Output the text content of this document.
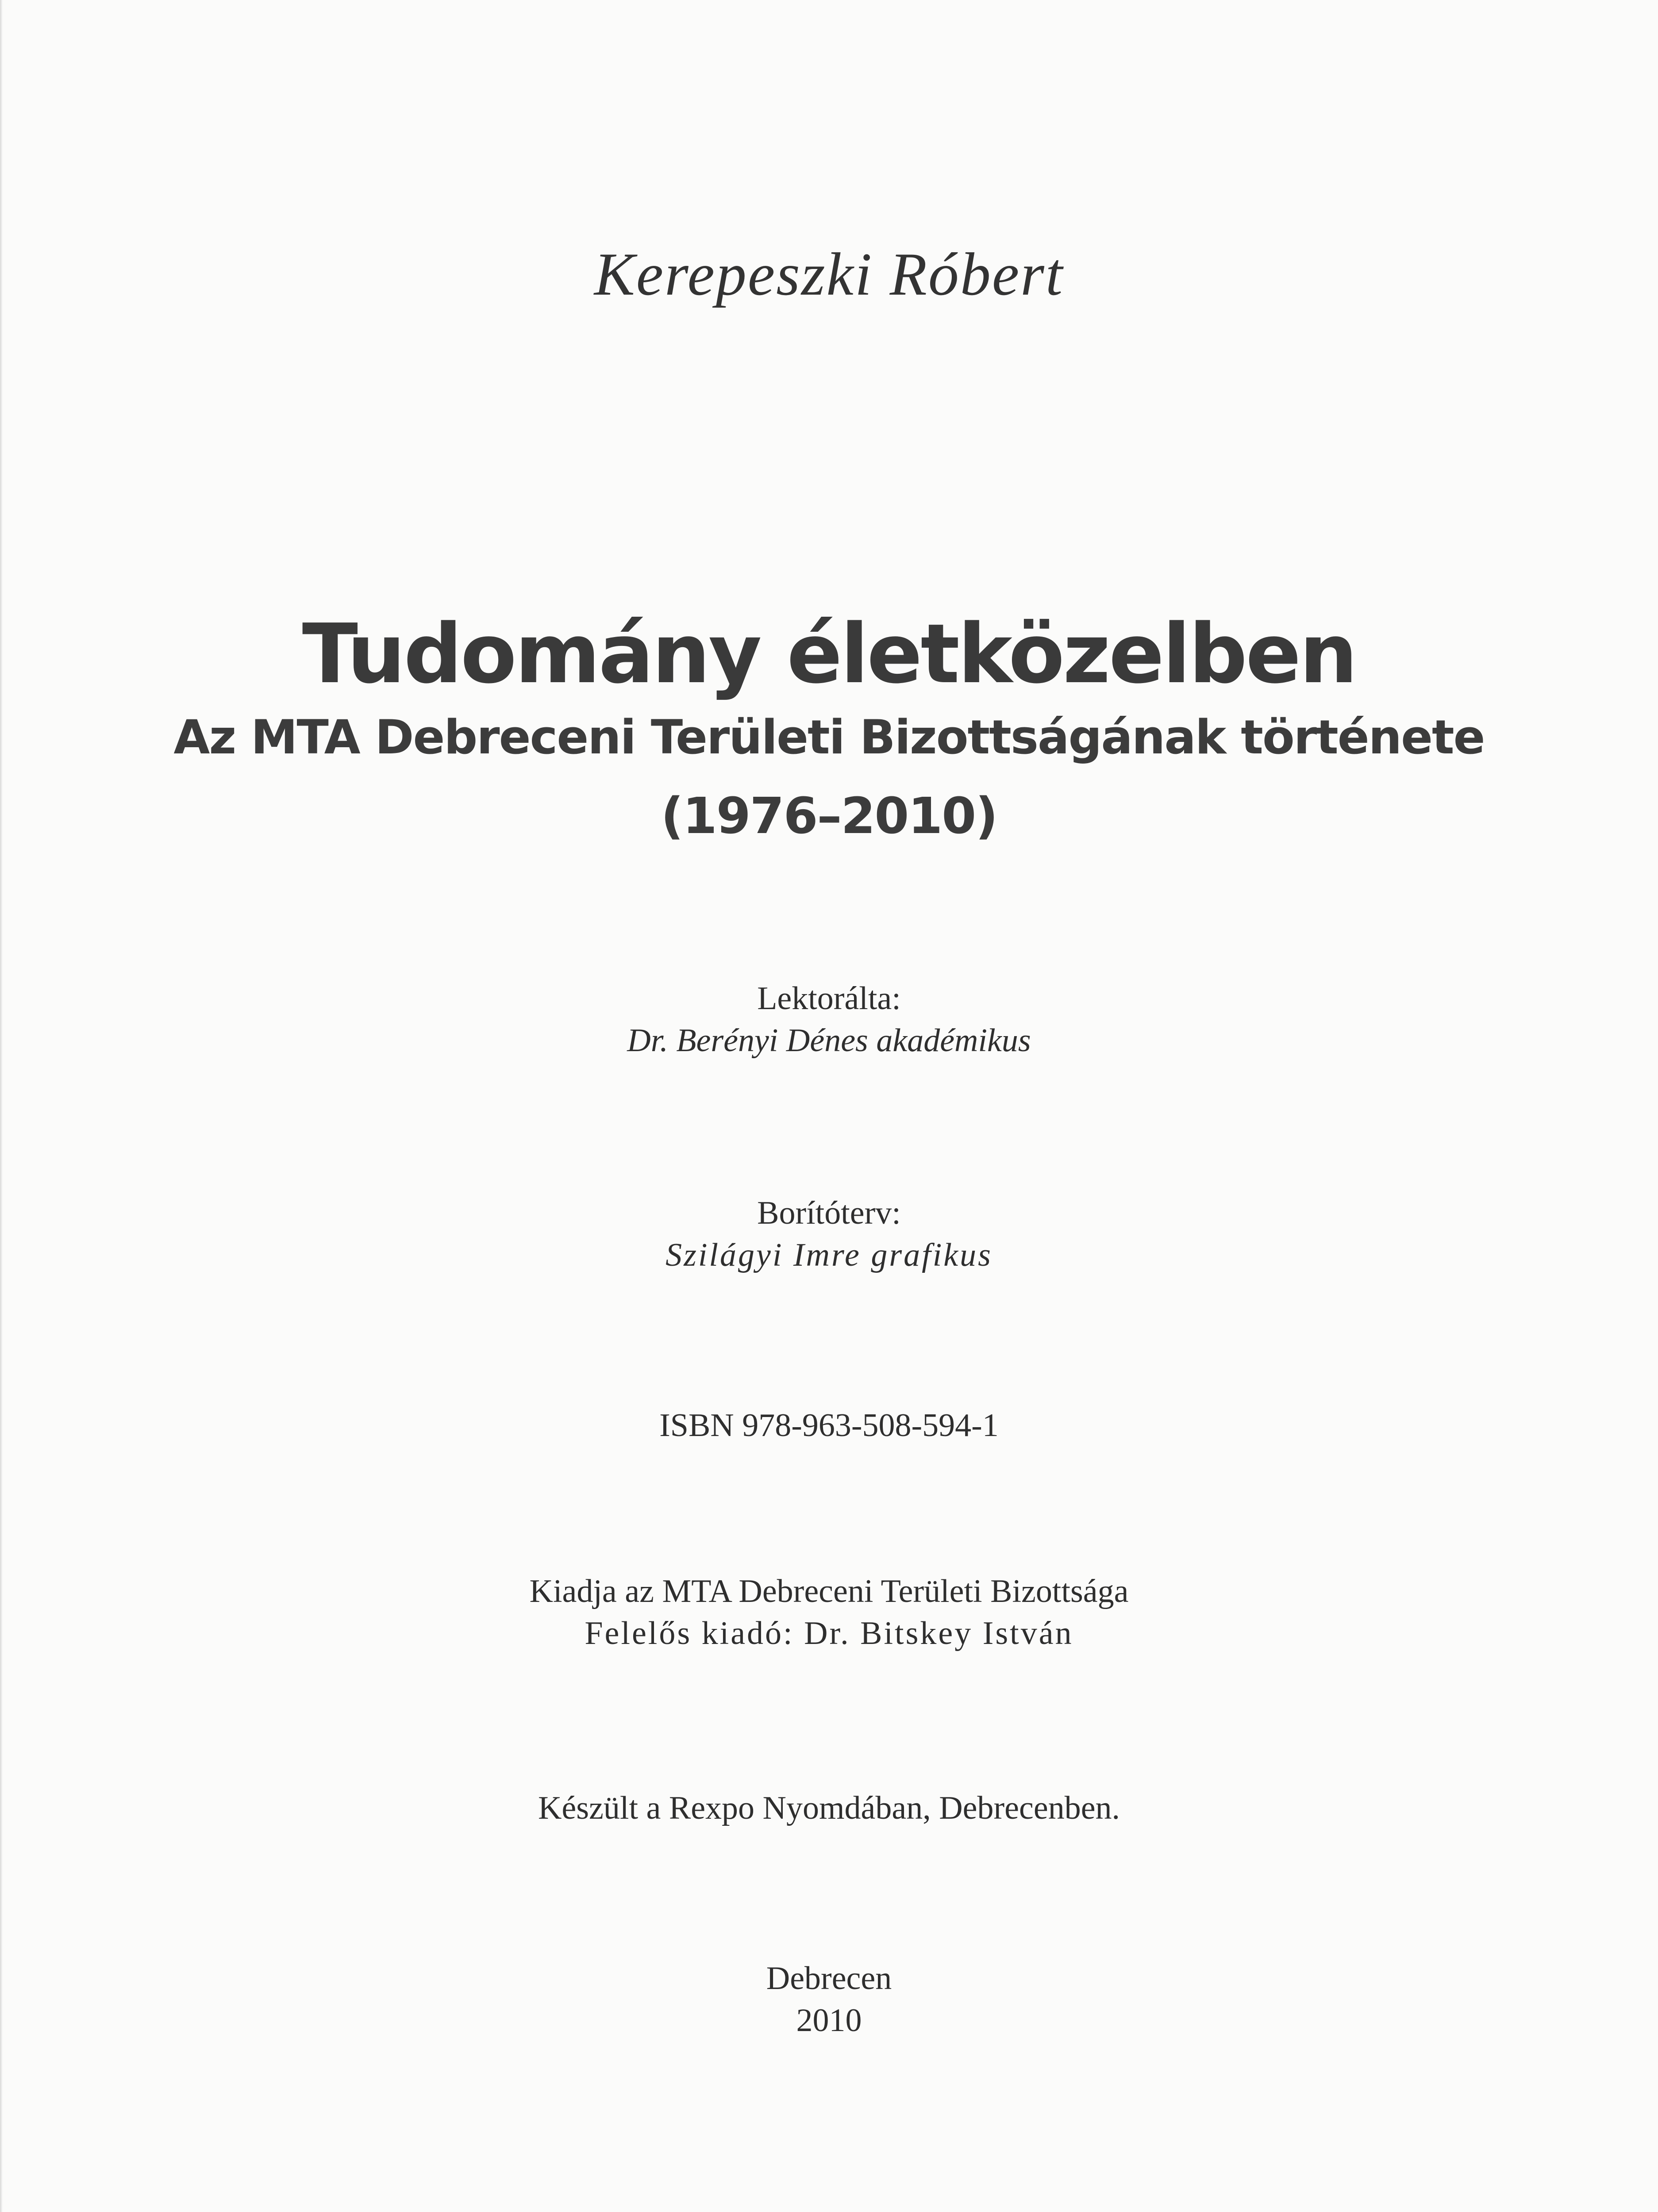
Kerepeszki Róbert
Tudomány életközelben
Az MTA Debreceni Területi Bizottságának története
(1976–2010)
Lektorálta:
Dr. Berényi Dénes akadémikus
Borítóterv:
Szilágyi Imre grafikus
ISBN 978-963-508-594-1
Kiadja az MTA Debreceni Területi Bizottsága
Felelős kiadó: Dr. Bitskey István
Készült a Rexpo Nyomdában, Debrecenben.
Debrecen
2010
